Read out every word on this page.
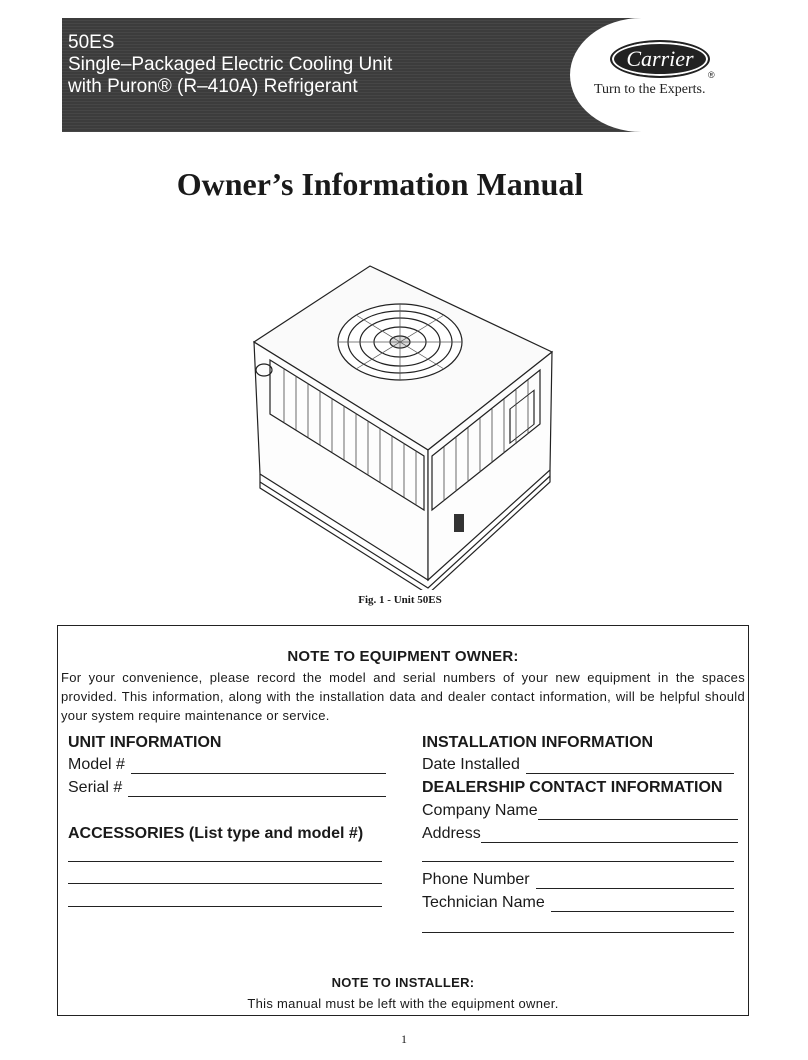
50ES
Single–Packaged Electric Cooling Unit
with Puron® (R–410A) Refrigerant
Carrier
®
Turn to the Experts.
Owner’s Information Manual
Fig. 1 - Unit 50ES
NOTE TO EQUIPMENT OWNER:
For your convenience, please record the model and serial numbers of your new equipment in the spaces provided. This information, along with the installation data and dealer contact information, will be helpful should your system require maintenance or service.
UNIT INFORMATION
Model #
Serial #
ACCESSORIES (List type and model #)
INSTALLATION INFORMATION
Date Installed
DEALERSHIP CONTACT INFORMATION
Company Name
Address
Phone Number
Technician Name
NOTE TO INSTALLER:
This manual must be left with the equipment owner.
1
